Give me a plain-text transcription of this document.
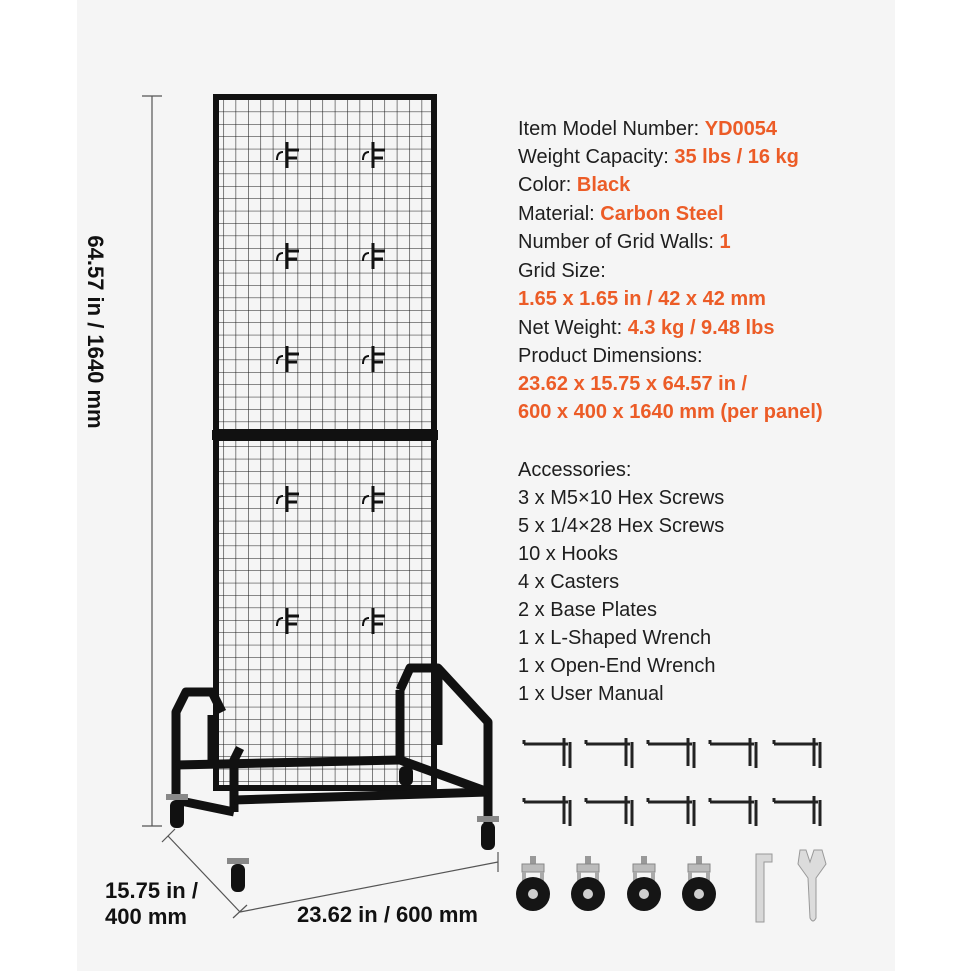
64.57 in / 1640 mm
15.75 in /
400 mm	23.62 in / 600 mm
Item Model Number: YD0054
Weight Capacity: 35 lbs / 16 kg
Color: Black
Material: Carbon Steel
Number of Grid Walls: 1
Grid Size:
1.65 x 1.65 in / 42 x 42 mm
Net Weight: 4.3 kg / 9.48 lbs
Product Dimensions:
23.62 x 15.75 x 64.57 in /
600 x 400 x 1640 mm (per panel)
Accessories:
3 x M5×10 Hex Screws
5 x 1/4×28 Hex Screws
10 x Hooks
4 x Casters
2 x Base Plates
1 x L-Shaped Wrench
1 x Open-End Wrench
1 x User Manual
